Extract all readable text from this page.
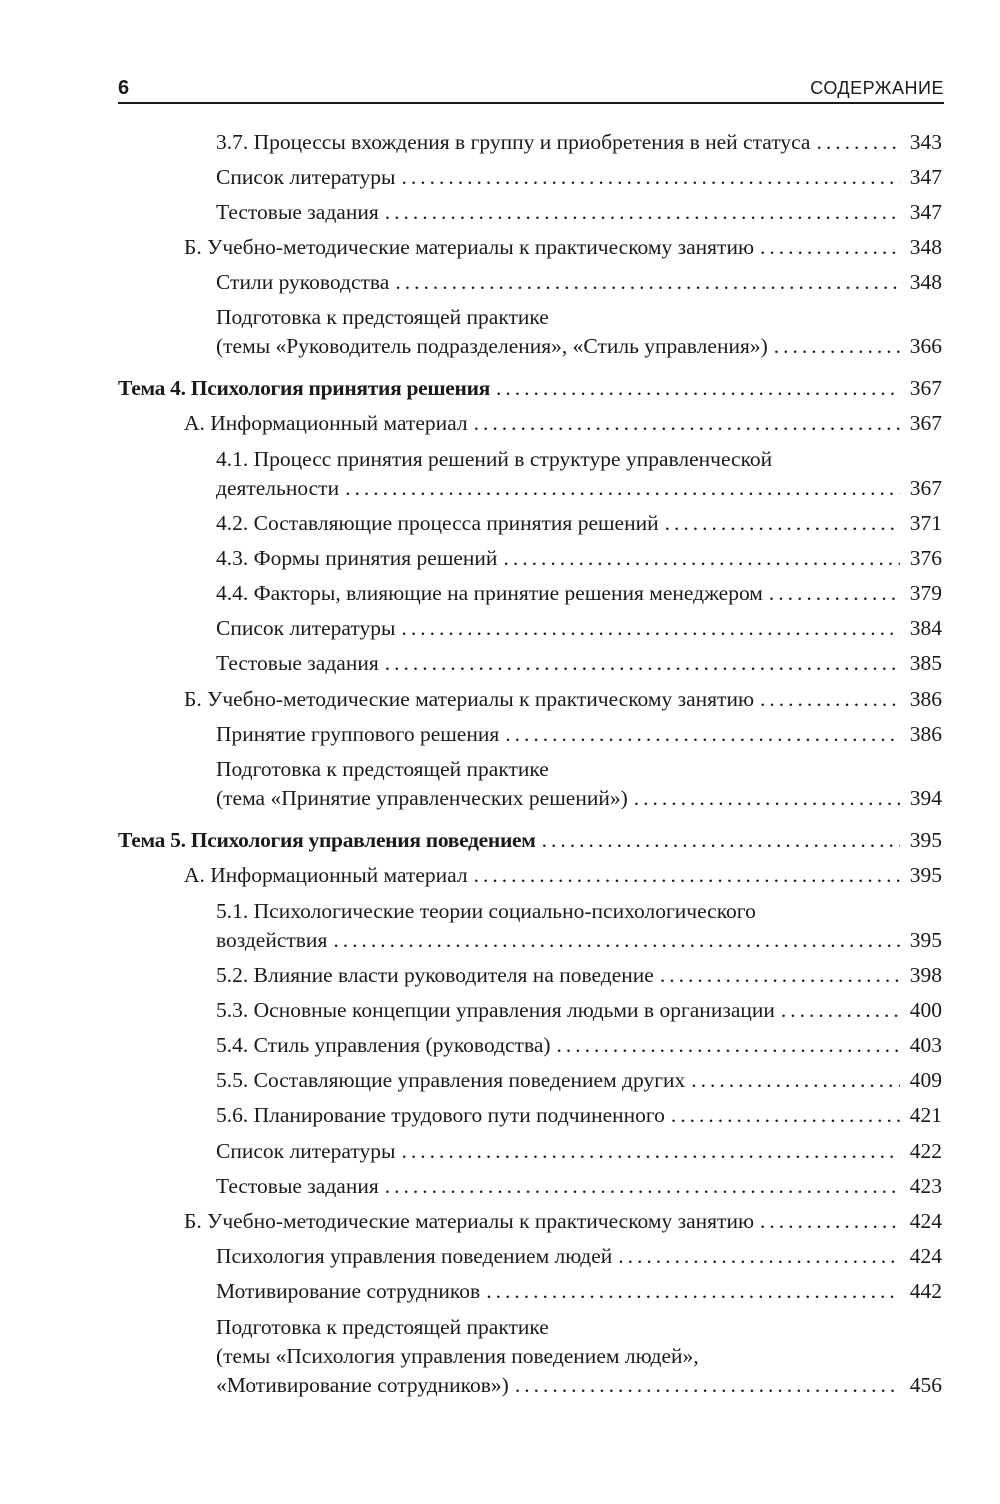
6	СОДЕРЖАНИЕ
3.7. Процессы вхождения в группу и приобретения в ней статуса .....	343
Список литературы .....	347
Тестовые задания .....	347
Б. Учебно-методические материалы к практическому занятию .....	348
Стили руководства .....	348
Подготовка к предстоящей практике
(темы «Руководитель подразделения», «Стиль управления») .....	366
Тема 4. Психология принятия решения .....	367
А. Информационный материал .....	367
4.1. Процесс принятия решений в структуре управленческой
деятельности .....	367
4.2. Составляющие процесса принятия решений .....	371
4.3. Формы принятия решений .....	376
4.4. Факторы, влияющие на принятие решения менеджером .....	379
Список литературы .....	384
Тестовые задания .....	385
Б. Учебно-методические материалы к практическому занятию .....	386
Принятие группового решения .....	386
Подготовка к предстоящей практике
(тема «Принятие управленческих решений») .....	394
Тема 5. Психология управления поведением .....	395
А. Информационный материал .....	395
5.1. Психологические теории социально-психологического
воздействия .....	395
5.2. Влияние власти руководителя на поведение .....	398
5.3. Основные концепции управления людьми в организации .....	400
5.4. Стиль управления (руководства) .....	403
5.5. Составляющие управления поведением других .....	409
5.6. Планирование трудового пути подчиненного .....	421
Список литературы .....	422
Тестовые задания .....	423
Б. Учебно-методические материалы к практическому занятию .....	424
Психология управления поведением людей .....	424
Мотивирование сотрудников .....	442
Подготовка к предстоящей практике
(темы «Психология управления поведением людей»,
«Мотивирование сотрудников») .....	456
